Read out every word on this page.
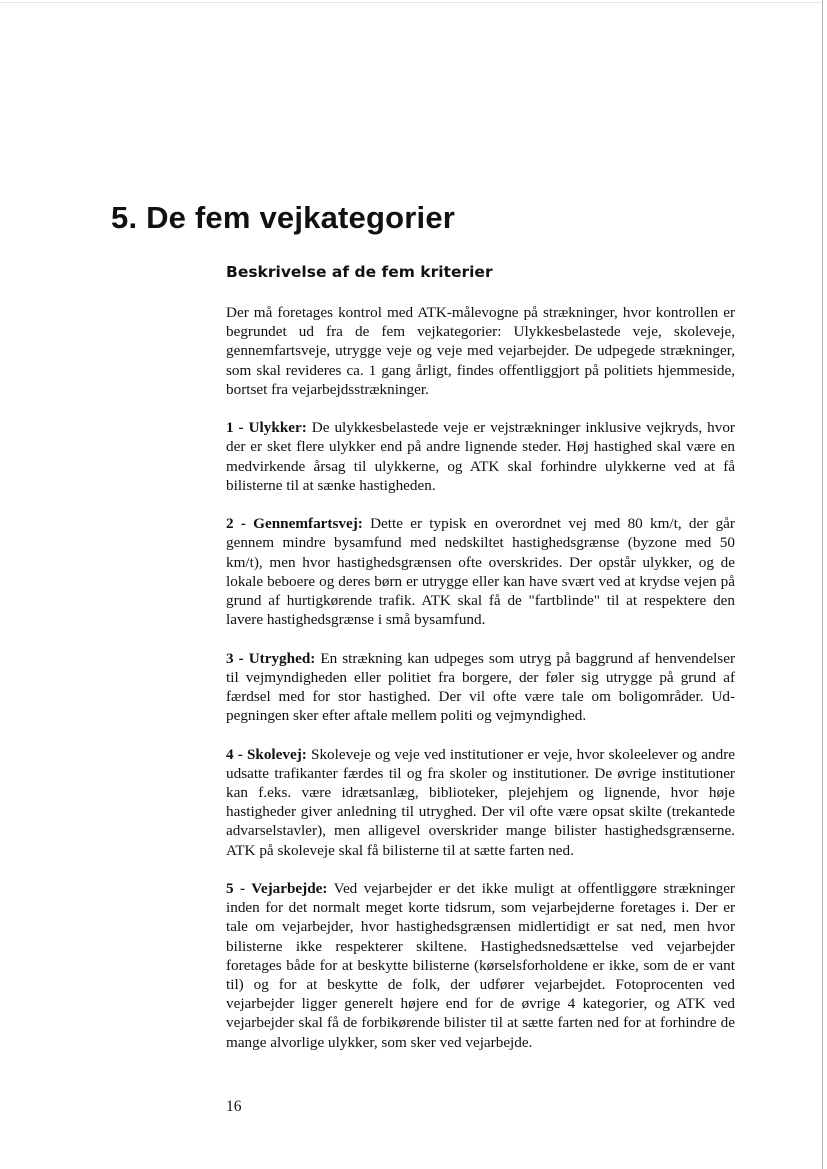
5. De fem vejkategorier
Beskrivelse af de fem kriterier

Der må foretages kontrol med ATK-målevogne på strækninger, hvor kontrollen er begrundet ud fra de fem vejkategorier: Ulykkesbelastede veje, skoleveje, gennemfartsveje, utrygge veje og veje med vejarbejder. De udpegede strækninger, som skal revideres ca. 1 gang årligt, findes offentliggjort på politiets hjemmeside, bortset fra vejarbejdsstrækninger.

1 - Ulykker: De ulykkesbelastede veje er vejstrækninger inklusive vejkryds, hvor der er sket flere ulykker end på andre lignende steder. Høj hastighed skal være en medvirkende årsag til ulykkerne, og ATK skal forhindre ulykkerne ved at få bilisterne til at sænke hastigheden.

2 - Gennemfartsvej: Dette er typisk en overordnet vej med 80 km/t, der går gennem mindre bysamfund med nedskiltet hastighedsgrænse (byzone med 50 km/t), men hvor hastighedsgrænsen ofte overskrides. Der opstår ulykker, og de lokale beboere og deres børn er utrygge eller kan have svært ved at krydse vejen på grund af hurtigkørende trafik. ATK skal få de "fartblinde" til at respektere den lavere hastighedsgrænse i små bysamfund.

3 - Utryghed: En strækning kan udpeges som utryg på baggrund af henvendelser til vejmyndigheden eller politiet fra borgere, der føler sig utrygge på grund af færdsel med for stor hastighed. Der vil ofte være tale om boligområder. Udpegningen sker efter aftale mellem politi og vejmyndighed.

4 - Skolevej: Skoleveje og veje ved institutioner er veje, hvor skoleelever og andre udsatte trafikanter færdes til og fra skoler og institutioner. De øvrige institutioner kan f.eks. være idrætsanlæg, biblioteker, plejehjem og lignende, hvor høje hastigheder giver anledning til utryghed. Der vil ofte være opsat skilte (trekantede advarselstavler), men alligevel overskrider mange bilister hastighedsgrænserne. ATK på skoleveje skal få bilisterne til at sætte farten ned.

5 - Vejarbejde: Ved vejarbejder er det ikke muligt at offentliggøre strækninger inden for det normalt meget korte tidsrum, som vejarbejderne foretages i. Der er tale om vejarbejder, hvor hastighedsgrænsen midlertidigt er sat ned, men hvor bilisterne ikke respekterer skiltene. Hastighedsnedsættelse ved vejarbejder foretages både for at beskytte bilisterne (kørselsforholdene er ikke, som de er vant til) og for at beskytte de folk, der udfører vejarbejdet. Fotoprocenten ved vejarbejder ligger generelt højere end for de øvrige 4 kategorier, og ATK ved vejarbejder skal få de forbikørende bilister til at sætte farten ned for at forhindre de mange alvorlige ulykker, som sker ved vejarbejde.

16
